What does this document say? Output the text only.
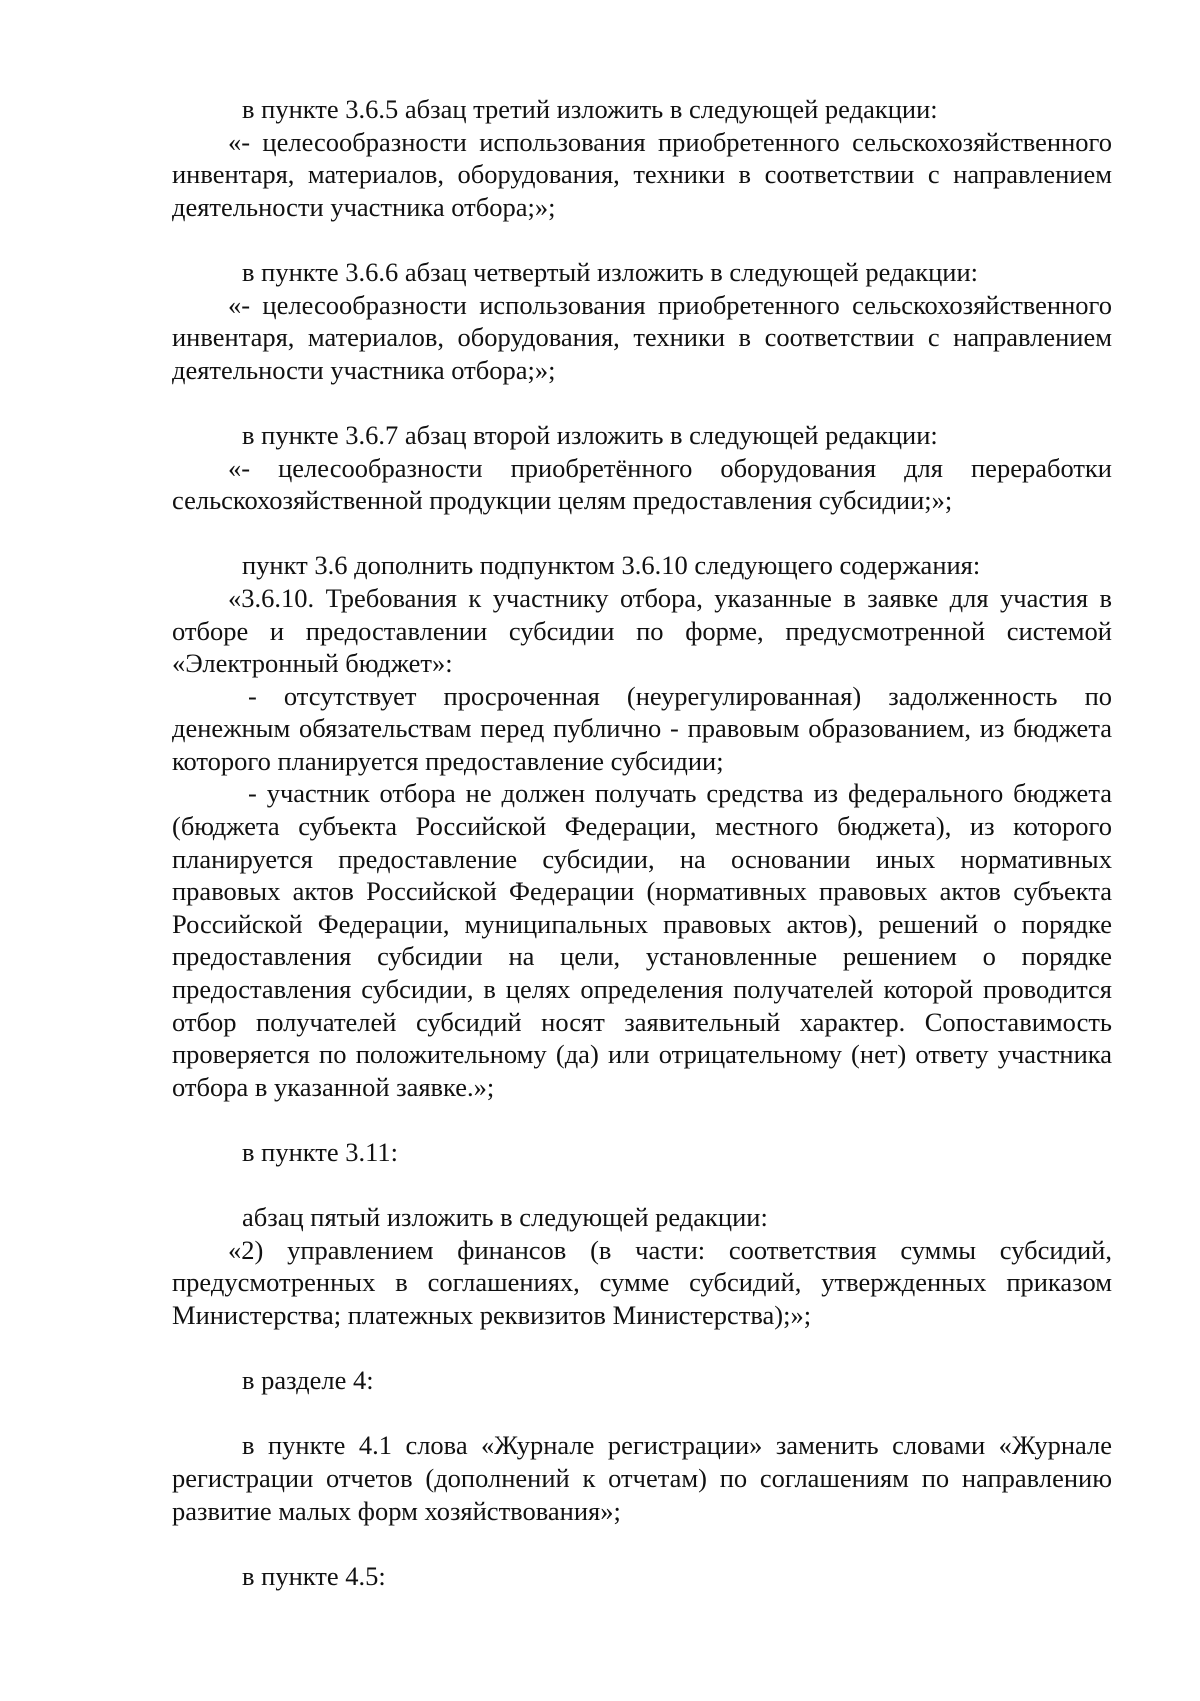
в пункте 3.6.5 абзац третий изложить в следующей редакции:

«- целесообразности использования приобретенного сельскохозяйственного инвентаря, материалов, оборудования, техники в соответствии с направлением деятельности участника отбора;»;

в пункте 3.6.6 абзац четвертый изложить в следующей редакции:

«- целесообразности использования приобретенного сельскохозяйственного инвентаря, материалов, оборудования, техники в соответствии с направлением деятельности участника отбора;»;

в пункте 3.6.7 абзац второй изложить в следующей редакции:

«- целесообразности приобретённого оборудования для переработки сельскохозяйственной продукции целям предоставления субсидии;»;

пункт 3.6 дополнить подпунктом 3.6.10 следующего содержания:

«3.6.10. Требования к участнику отбора, указанные в заявке для участия в отборе и предоставлении субсидии по форме, предусмотренной системой «Электронный бюджет»:

- отсутствует просроченная (неурегулированная) задолженность по денежным обязательствам перед публично - правовым образованием, из бюджета которого планируется предоставление субсидии;

- участник отбора не должен получать средства из федерального бюджета (бюджета субъекта Российской Федерации, местного бюджета), из которого планируется предоставление субсидии, на основании иных нормативных правовых актов Российской Федерации (нормативных правовых актов субъекта Российской Федерации, муниципальных правовых актов), решений о порядке предоставления субсидии на цели, установленные решением о порядке предоставления субсидии, в целях определения получателей которой проводится отбор получателей субсидий носят заявительный характер. Сопоставимость проверяется по положительному (да) или отрицательному (нет) ответу участника отбора в указанной заявке.»;

в пункте 3.11:

абзац пятый изложить в следующей редакции:

«2) управлением финансов (в части: соответствия суммы субсидий, предусмотренных в соглашениях, сумме субсидий, утвержденных приказом Министерства; платежных реквизитов Министерства);»;

в разделе 4:

в пункте 4.1 слова «Журнале регистрации» заменить словами «Журнале регистрации отчетов (дополнений к отчетам) по соглашениям по направлению развитие малых форм хозяйствования»;

в пункте 4.5:
